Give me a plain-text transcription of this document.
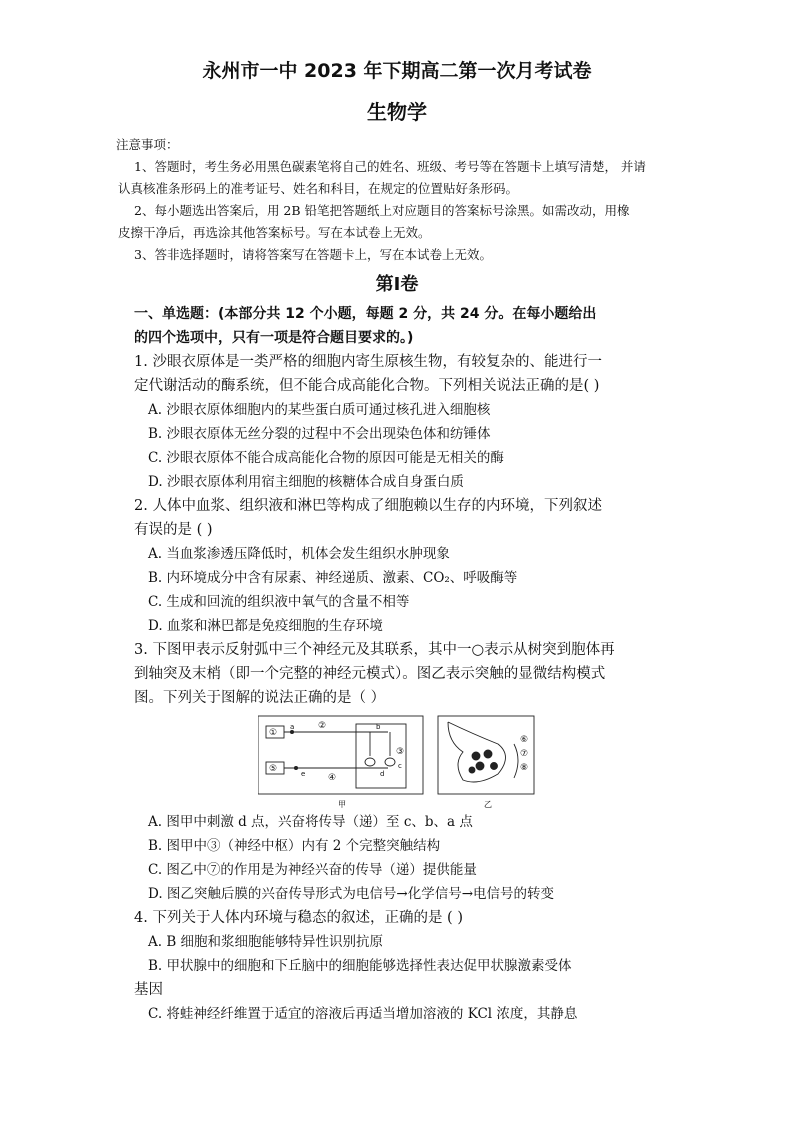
永州市一中 2023 年下期高二第一次月考试卷
生物学

注意事项：

1、答题时，考生务必用黑色碳素笔将自己的姓名、班级、考号等在答题卡上填写清楚， 并请

认真核准条形码上的准考证号、姓名和科目，在规定的位置贴好条形码。

2、每小题选出答案后，用 2B 铅笔把答题纸上对应题目的答案标号涂黑。如需改动，用橡

皮擦干净后，再选涂其他答案标号。写在本试卷上无效。

3、答非选择题时，请将答案写在答题卡上，写在本试卷上无效。

第Ⅰ卷

一、单选题：(本部分共 12 个小题，每题 2 分，共 24 分。在每小题给出

的四个选项中，只有一项是符合题目要求的。)

1. 沙眼衣原体是一类严格的细胞内寄生原核生物，有较复杂的、能进行一

定代谢活动的酶系统，但不能合成高能化合物。下列相关说法正确的是( )

A. 沙眼衣原体细胞内的某些蛋白质可通过核孔进入细胞核

B. 沙眼衣原体无丝分裂的过程中不会出现染色体和纺锤体

C. 沙眼衣原体不能合成高能化合物的原因可能是无相关的酶

D. 沙眼衣原体利用宿主细胞的核糖体合成自身蛋白质

2. 人体中血浆、组织液和淋巴等构成了细胞赖以生存的内环境，下列叙述

有误的是 ( )

A. 当血浆渗透压降低时，机体会发生组织水肿现象

B. 内环境成分中含有尿素、神经递质、激素、CO₂、呼吸酶等

C. 生成和回流的组织液中氧气的含量不相等

D. 血浆和淋巴都是免疫细胞的生存环境

3. 下图甲表示反射弧中三个神经元及其联系，其中一○表示从树突到胞体再

到轴突及末梢（即一个完整的神经元模式）。图乙表示突触的显微结构模式

图。下列关于图解的说法正确的是（ ）

①
⑤
②
④
③
a	b
c
d
e
⑥
⑦
⑧
甲	乙

A. 图甲中刺激 d 点，兴奋将传导（递）至 c、b、a 点

B. 图甲中③（神经中枢）内有 2 个完整突触结构

C. 图乙中⑦的作用是为神经兴奋的传导（递）提供能量

D. 图乙突触后膜的兴奋传导形式为电信号→化学信号→电信号的转变

4. 下列关于人体内环境与稳态的叙述，正确的是 ( )

A. B 细胞和浆细胞能够特异性识别抗原

B. 甲状腺中的细胞和下丘脑中的细胞能够选择性表达促甲状腺激素受体

基因

C. 将蛙神经纤维置于适宜的溶液后再适当增加溶液的 KCl 浓度，其静息
